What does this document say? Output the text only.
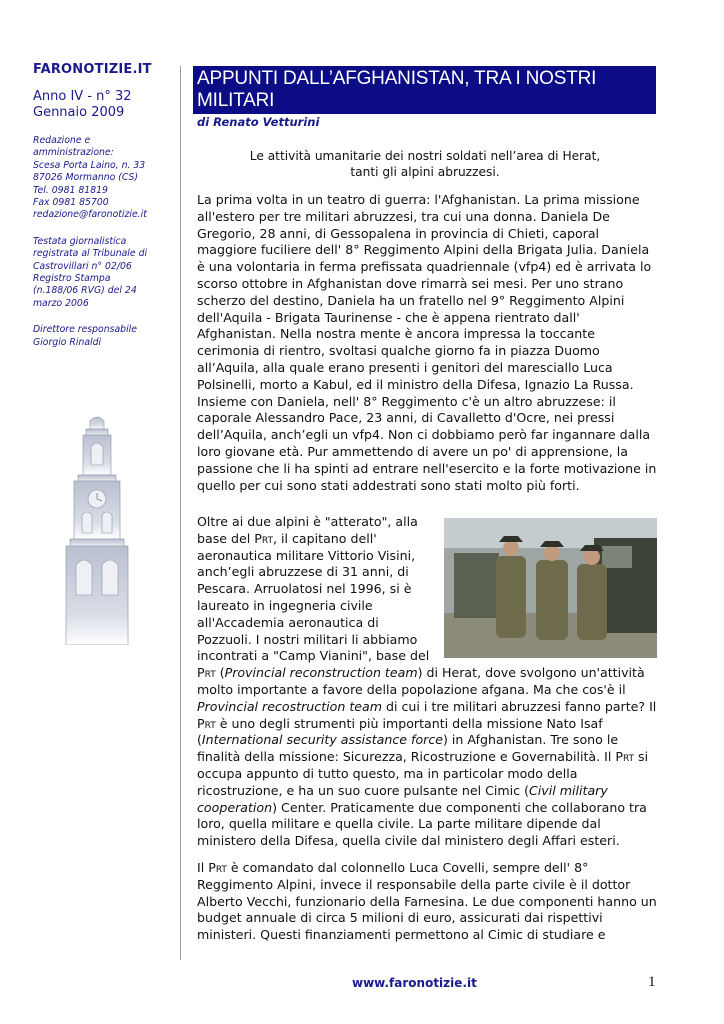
FARONOTIZIE.IT
Anno IV - n° 32
Gennaio 2009
Redazione e
amministrazione:
Scesa Porta Laino, n. 33
87026 Mormanno (CS)
Tel. 0981 81819
Fax 0981 85700
redazione@faronotizie.it
Testata giornalistica
registrata al Tribunale di
Castrovillari n° 02/06
Registro Stampa
(n.188/06 RVG) del 24
marzo 2006
Direttore responsabile
Giorgio Rinaldi
APPUNTI DALL’AFGHANISTAN, TRA I NOSTRI
MILITARI
di Renato Vetturini
Le attività umanitarie dei nostri soldati nell’area di Herat,
tanti gli alpini abruzzesi.
La prima volta in un teatro di guerra: l'Afghanistan. La prima missione all'estero per tre militari abruzzesi, tra cui una donna. Daniela De Gregorio, 28 anni, di Gessopalena in provincia di Chieti, caporal maggiore fuciliere dell' 8° Reggimento Alpini della Brigata Julia. Daniela è una volontaria in ferma prefissata quadriennale (vfp4) ed è arrivata lo scorso ottobre in Afghanistan dove rimarrà sei mesi. Per uno strano scherzo del destino, Daniela ha un fratello nel 9° Reggimento Alpini dell'Aquila - Brigata Taurinense - che è appena rientrato dall' Afghanistan. Nella nostra mente è ancora impressa la toccante cerimonia di rientro, svoltasi qualche giorno fa in piazza Duomo all’Aquila, alla quale erano presenti i genitori del maresciallo Luca Polsinelli, morto a Kabul, ed il ministro della Difesa, Ignazio La Russa. Insieme con Daniela, nell' 8° Reggimento c'è un altro abruzzese: il caporale Alessandro Pace, 23 anni, di Cavalletto d'Ocre, nei pressi dell’Aquila, anch’egli un vfp4. Non ci dobbiamo però far ingannare dalla loro giovane età. Pur ammettendo di avere un po' di apprensione, la passione che li ha spinti ad entrare nell'esercito e la forte motivazione in quello per cui sono stati addestrati sono stati molto più forti.
Oltre ai due alpini è "atterato", alla base del Prt, il capitano dell' aeronautica militare Vittorio Visini, anch’egli abruzzese di 31 anni, di Pescara. Arruolatosi nel 1996, si è laureato in ingegneria civile all'Accademia aeronautica di Pozzuoli. I nostri militari li abbiamo incontrati a "Camp Vianini", base del Prt (Provincial reconstruction team) di Herat, dove svolgono un'attività molto importante a favore della popolazione afgana. Ma che cos'è il Provincial recostruction team di cui i tre militari abruzzesi fanno parte? Il Prt è uno degli strumenti più importanti della missione Nato Isaf (International security assistance force) in Afghanistan. Tre sono le finalità della missione: Sicurezza, Ricostruzione e Governabilità. Il Prt si occupa appunto di tutto questo, ma in particolar modo della ricostruzione, e ha un suo cuore pulsante nel Cimic (Civil military cooperation) Center. Praticamente due componenti che collaborano tra loro, quella militare e quella civile. La parte militare dipende dal ministero della Difesa, quella civile dal ministero degli Affari esteri.
Il Prt è comandato dal colonnello Luca Covelli, sempre dell' 8° Reggimento Alpini, invece il responsabile della parte civile è il dottor Alberto Vecchi, funzionario della Farnesina. Le due componenti hanno un budget annuale di circa 5 milioni di euro, assicurati dai rispettivi ministeri. Questi finanziamenti permettono al Cimic di studiare e
www.faronotizie.it	1
